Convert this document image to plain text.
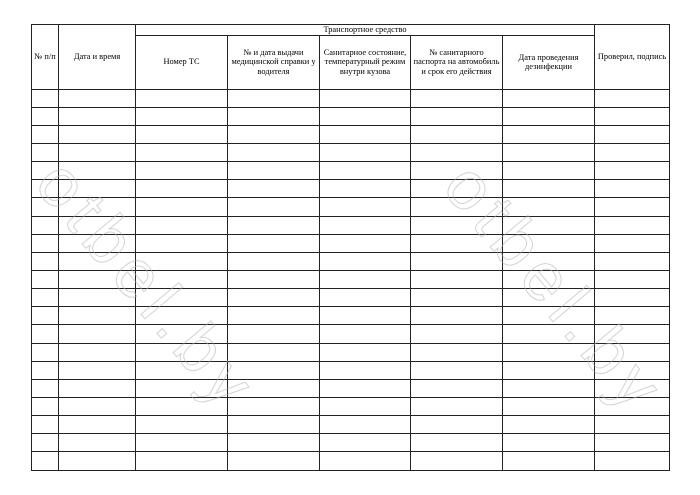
№ п/п	Дата и время	Транспортное средство					Проверил, подпись

		Номер ТС	№ и дата выдачи медицинской справки у водителя	Санитарное состояние, температурный режим внутри кузова	№ санитарного паспорта на автомобиль и срок его действия	Дата проведения дезинфекции	

otbel.by otbel.by
